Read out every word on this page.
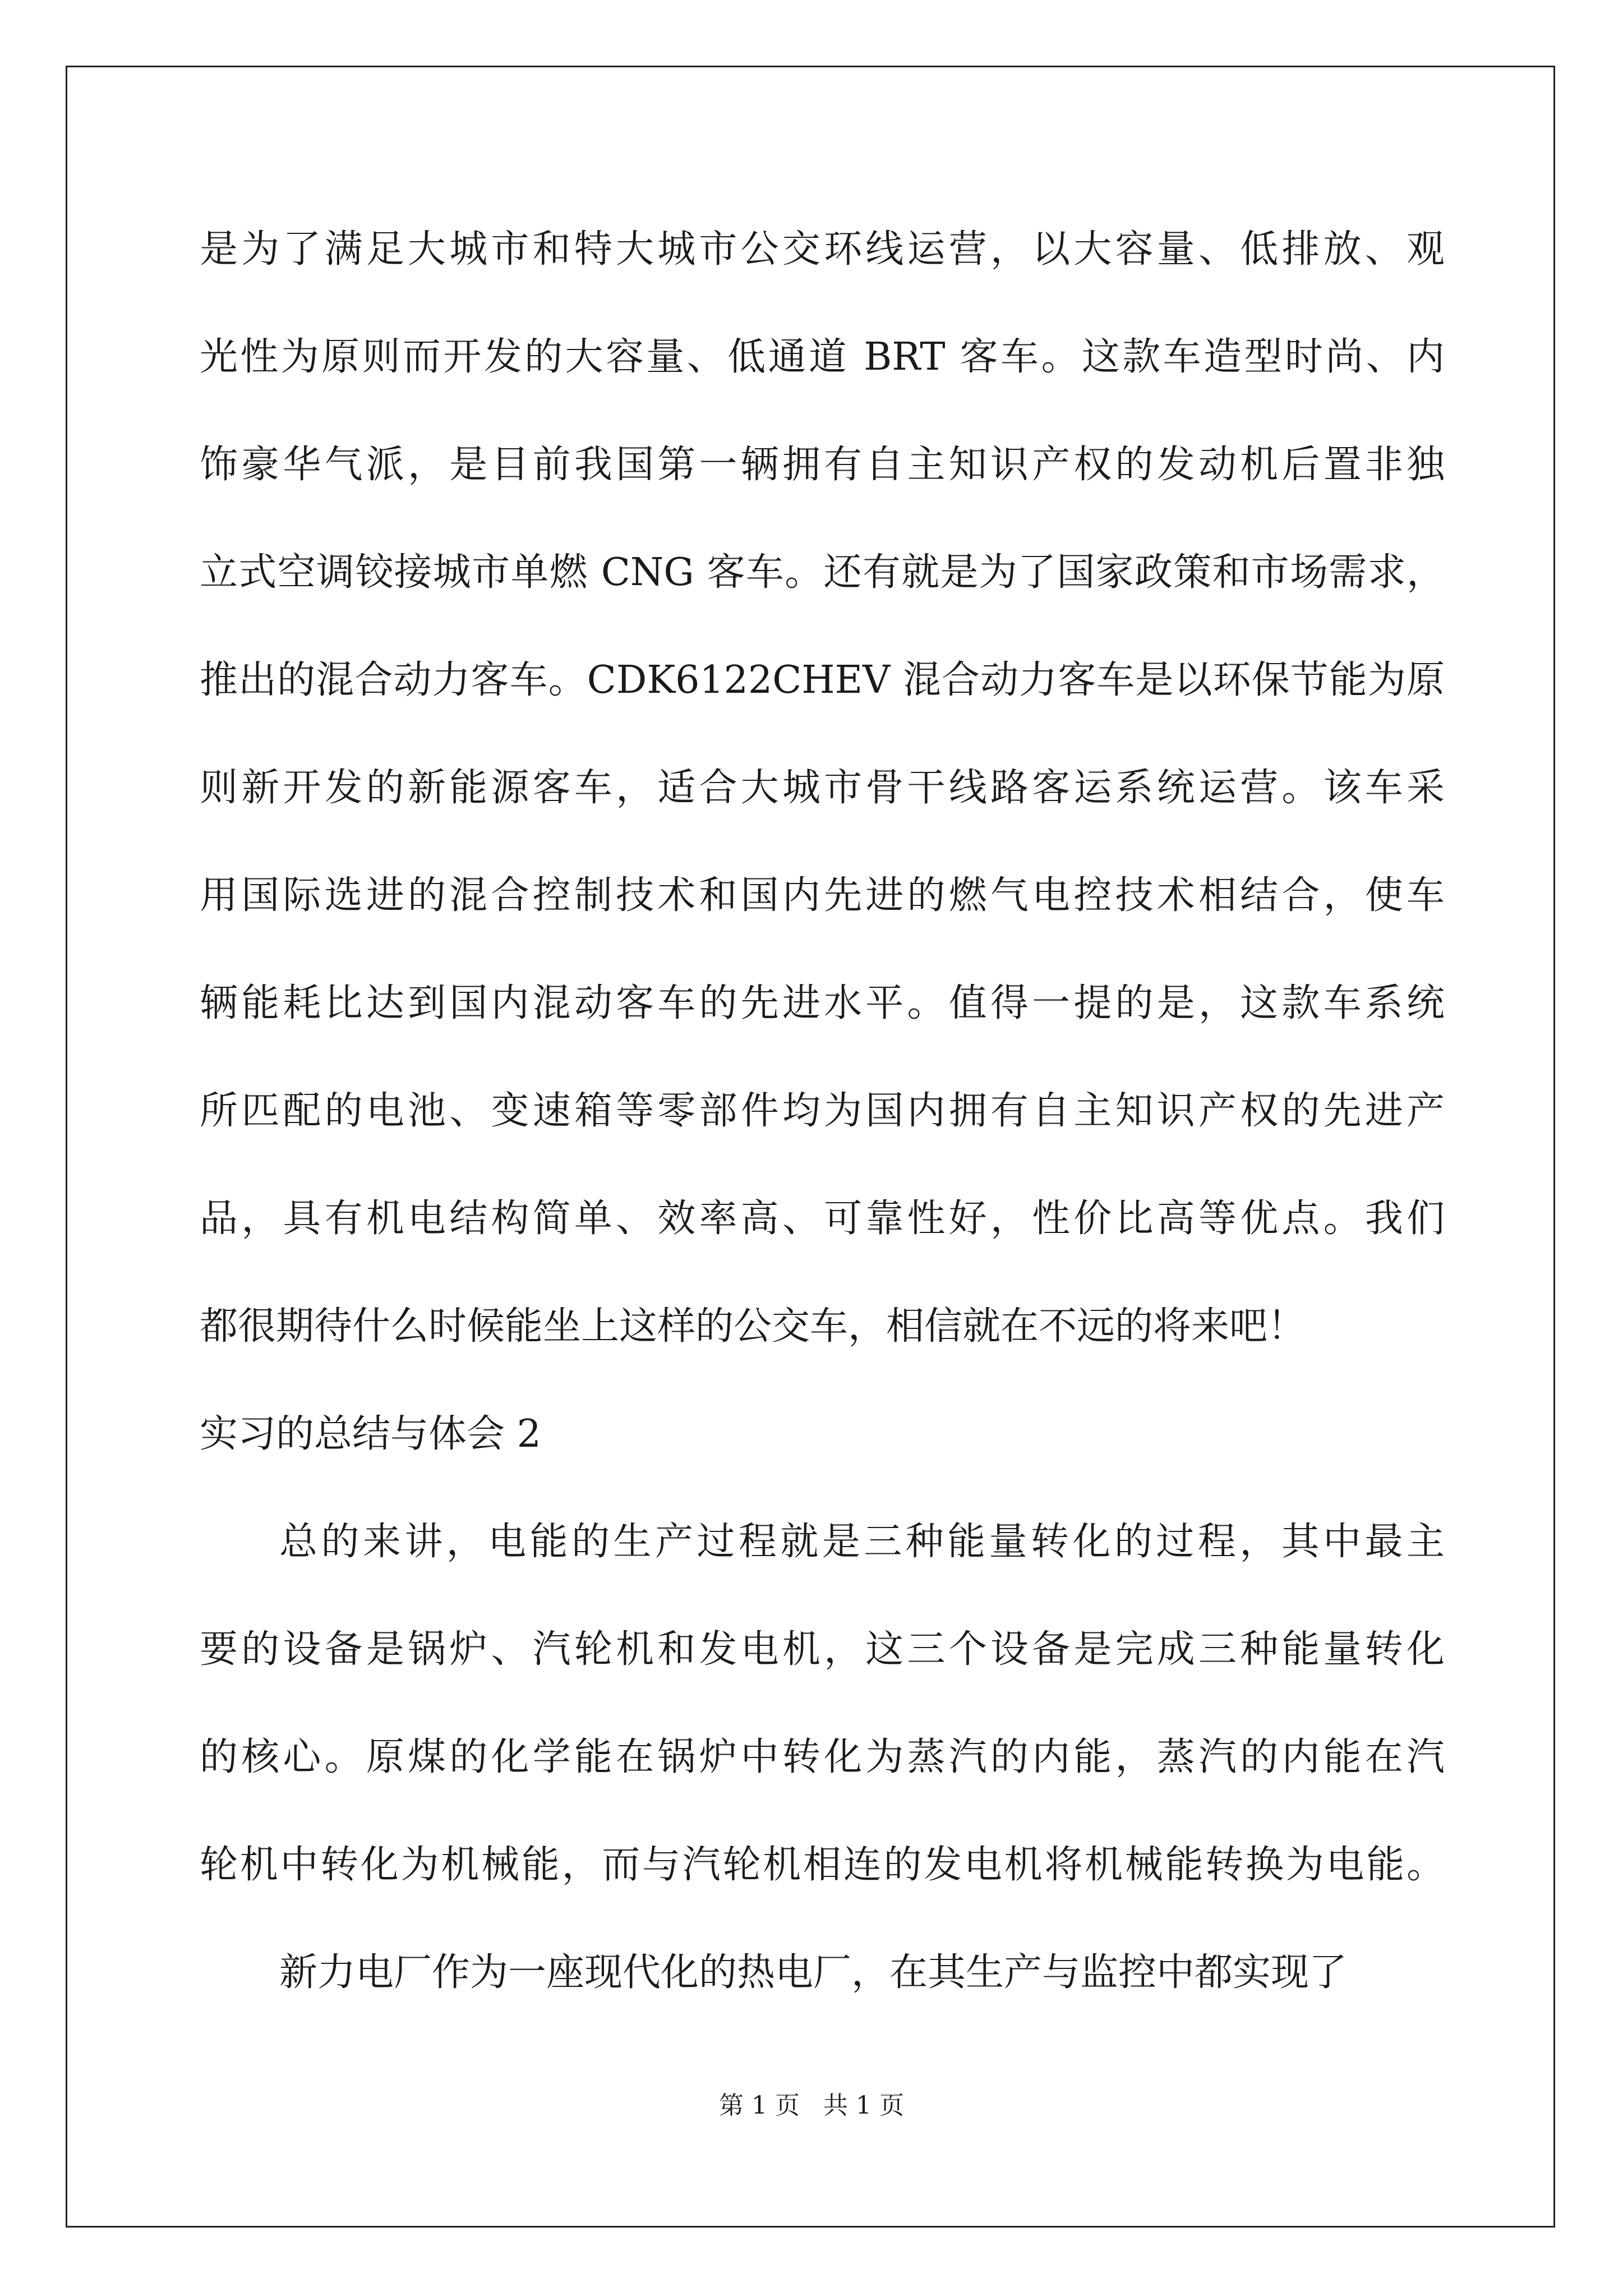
是为了满足大城市和特大城市公交环线运营，以大容量、低排放、观
光性为原则而开发的大容量、低通道 BRT 客车。这款车造型时尚、内
饰豪华气派，是目前我国第一辆拥有自主知识产权的发动机后置非独
立式空调铰接城市单燃 CNG 客车。还有就是为了国家政策和市场需求，
推出的混合动力客车。CDK6122CHEV 混合动力客车是以环保节能为原
则新开发的新能源客车，适合大城市骨干线路客运系统运营。该车采
用国际选进的混合控制技术和国内先进的燃气电控技术相结合，使车
辆能耗比达到国内混动客车的先进水平。值得一提的是，这款车系统
所匹配的电池、变速箱等零部件均为国内拥有自主知识产权的先进产
品，具有机电结构简单、效率高、可靠性好，性价比高等优点。我们
都很期待什么时候能坐上这样的公交车，相信就在不远的将来吧！
实习的总结与体会 2
总的来讲，电能的生产过程就是三种能量转化的过程，其中最主
要的设备是锅炉、汽轮机和发电机，这三个设备是完成三种能量转化
的核心。原煤的化学能在锅炉中转化为蒸汽的内能，蒸汽的内能在汽
轮机中转化为机械能，而与汽轮机相连的发电机将机械能转换为电能。
新力电厂作为一座现代化的热电厂，在其生产与监控中都实现了
第 1 页   共 1 页
